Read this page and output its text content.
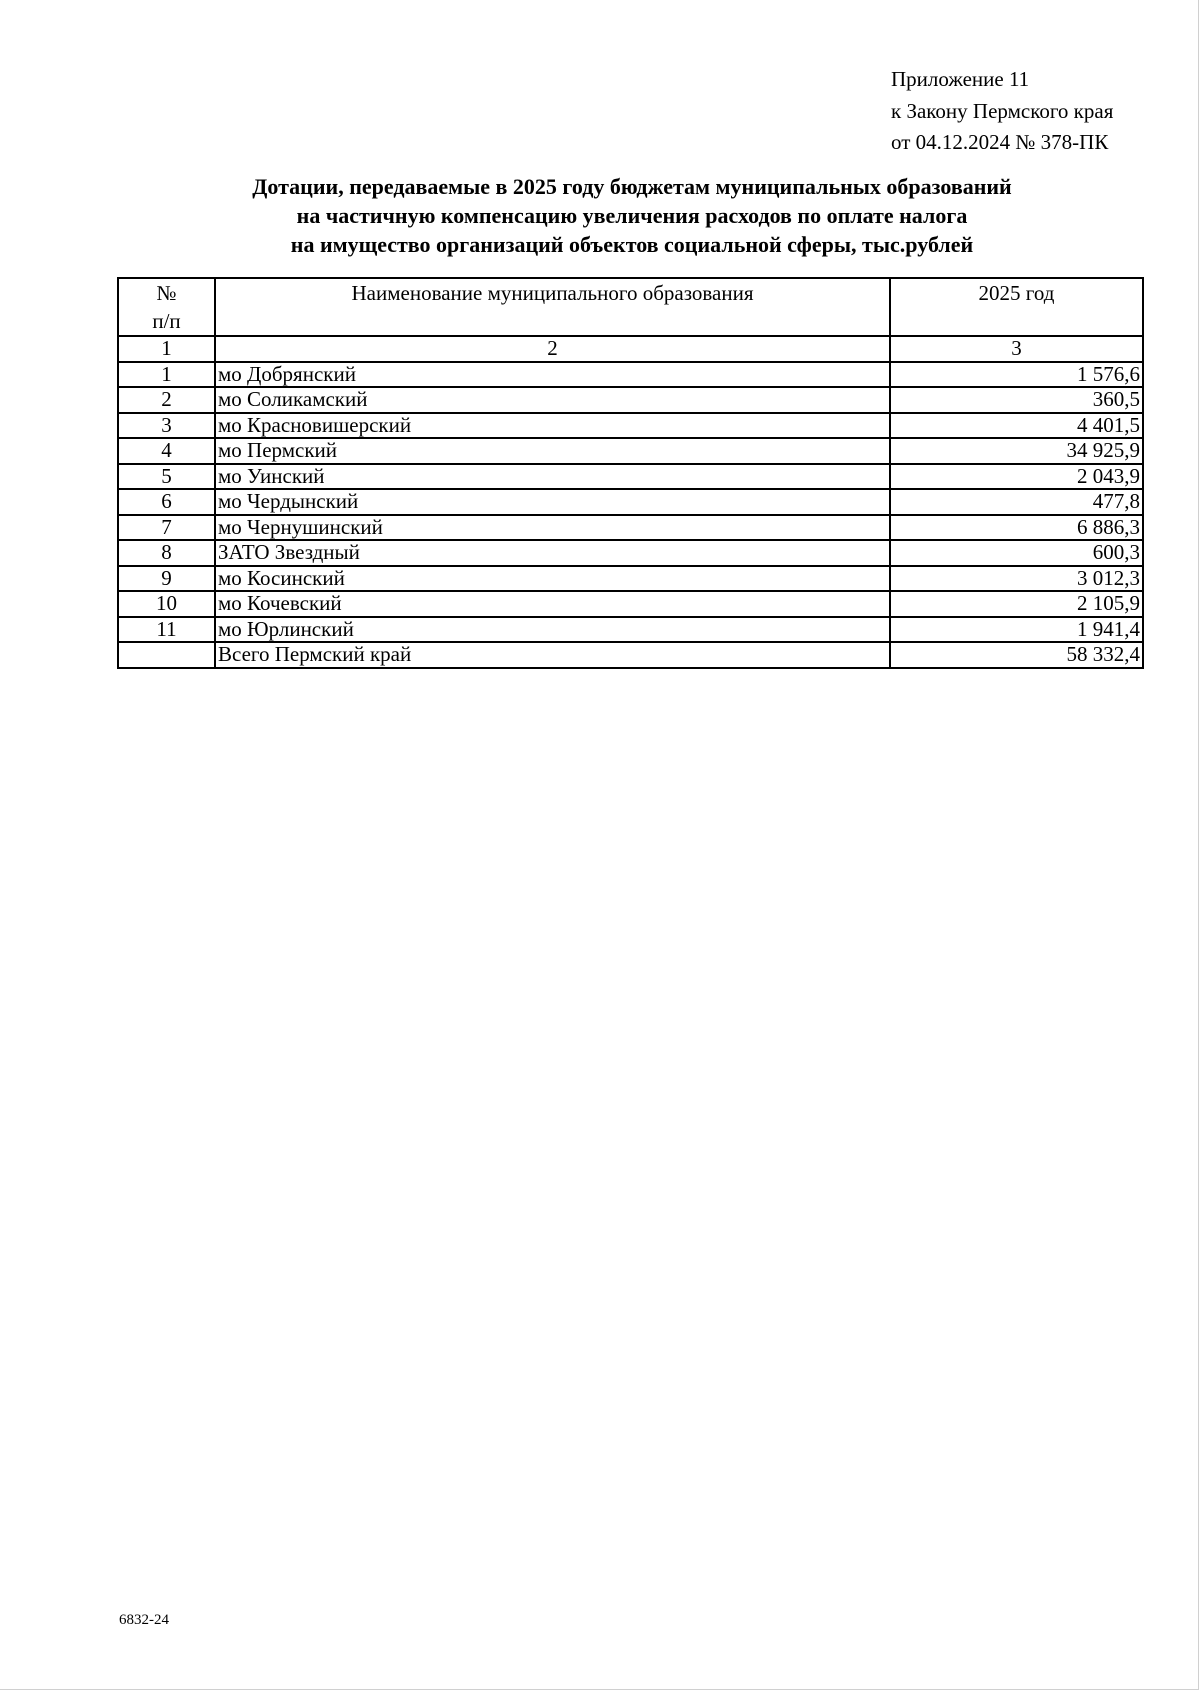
Приложение 11
к Закону Пермского края
от 04.12.2024 № 378-ПК
Дотации, передаваемые в 2025 году бюджетам муниципальных образований
на частичную компенсацию увеличения расходов по оплате налога
на имущество организаций объектов социальной сферы, тыс.рублей
№
п/п	Наименование муниципального образования	2025 год
1	2	3
1	мо Добрянский	1 576,6
2	мо Соликамский	360,5
3	мо Красновишерский	4 401,5
4	мо Пермский	34 925,9
5	мо Уинский	2 043,9
6	мо Чердынский	477,8
7	мо Чернушинский	6 886,3
8	ЗАТО Звездный	600,3
9	мо Косинский	3 012,3
10	мо Кочевский	2 105,9
11	мо Юрлинский	1 941,4
	Всего Пермский край	58 332,4
6832-24
